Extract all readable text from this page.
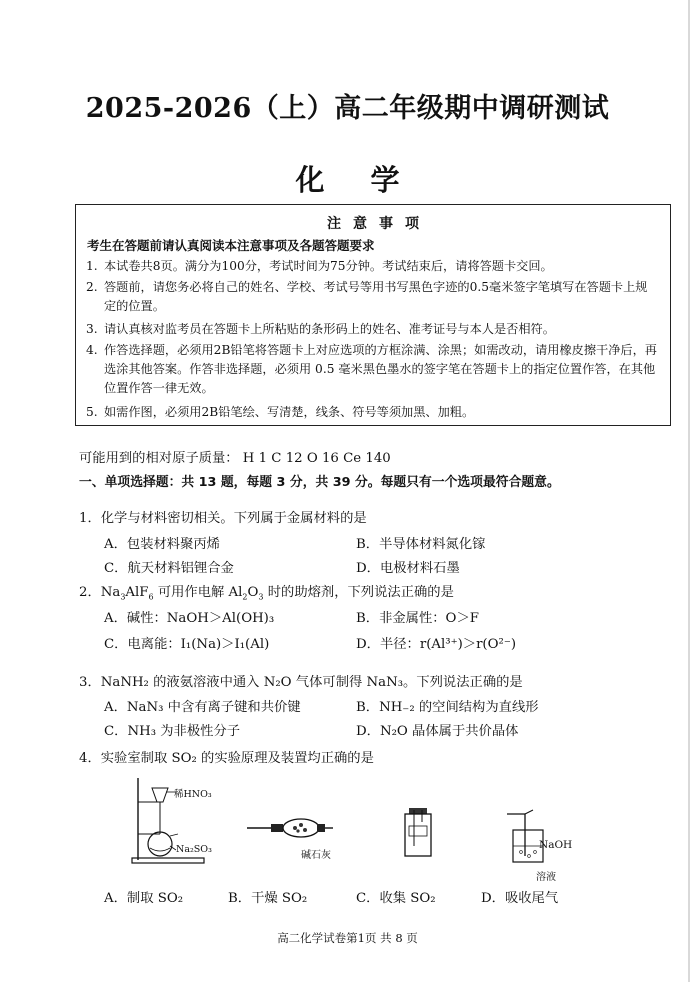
2025-2026（上）高二年级期中调研测试
化学
注意事项
考生在答题前请认真阅读本注意事项及各题答题要求
1. 本试卷共8页。满分为100分，考试时间为75分钟。考试结束后，请将答题卡交回。
2. 答题前，请您务必将自己的姓名、学校、考试号等用书写黑色字迹的0.5毫米签字笔填写在答题卡上规定的位置。
3. 请认真核对监考员在答题卡上所粘贴的条形码上的姓名、准考证号与本人是否相符。
4. 作答选择题，必须用2B铅笔将答题卡上对应选项的方框涂满、涂黑；如需改动，请用橡皮擦干净后，再选涂其他答案。作答非选择题，必须用 0.5 毫米黑色墨水的签字笔在答题卡上的指定位置作答，在其他位置作答一律无效。
5. 如需作图，必须用2B铅笔绘、写清楚，线条、符号等须加黑、加粗。
可能用到的相对原子质量： H 1 C 12 O 16 Ce 140
一、单项选择题：共 13 题，每题 3 分，共 39 分。每题只有一个选项最符合题意。
1．化学与材料密切相关。下列属于金属材料的是
A．包装材料聚丙烯	B．半导体材料氮化镓
C．航天材料铝锂合金	D．电极材料石墨
2．$Na_3AlF_6$ 可用作电解 $Al_2O_3$ 时的助熔剂，下列说法正确的是
A．碱性：NaOH＞Al(OH)₃	B．非金属性：O＞F
C．电离能：I₁(Na)＞I₁(Al)	D．半径：r(Al³⁺)＞r(O²⁻)
3．NaNH₂ 的液氨溶液中通入 N₂O 气体可制得 NaN₃。下列说法正确的是
A．NaN₃ 中含有离子键和共价键	B．NH₋₂ 的空间结构为直线形
C．NH₃ 为非极性分子	D．N₂O 晶体属于共价晶体
4．实验室制取 SO₂ 的实验原理及装置均正确的是
稀HNO₃
Na₂SO₃
碱石灰
NaOH
溶液
A．制取 SO₂	B．干燥 SO₂	C．收集 SO₂	D．吸收尾气
高二化学试卷第1页 共 8 页
